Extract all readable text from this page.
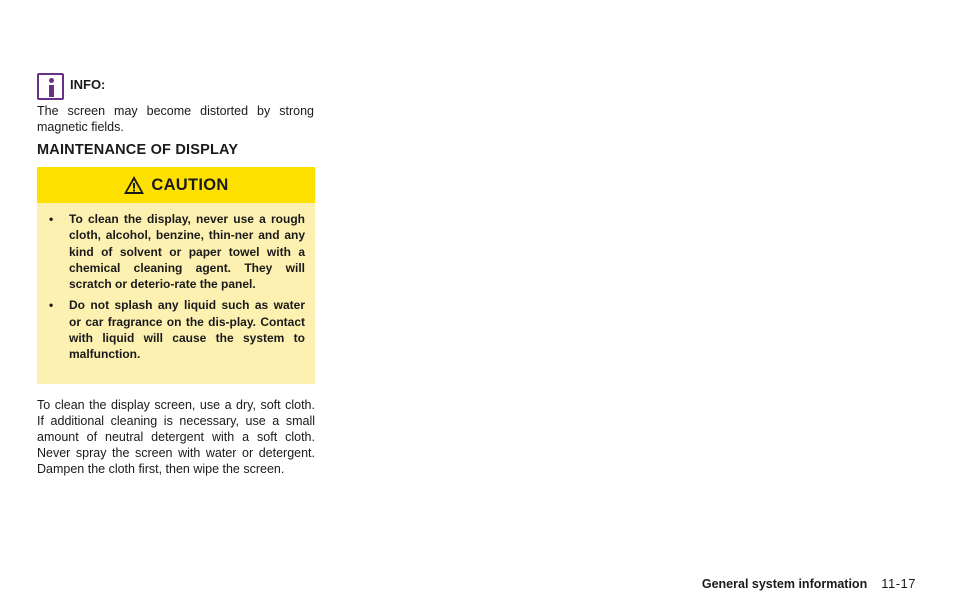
INFO:
The screen may become distorted by strong magnetic fields.
MAINTENANCE OF DISPLAY
CAUTION
•	To clean the display, never use a rough cloth, alcohol, benzine, thin-ner and any kind of solvent or paper towel with a chemical cleaning agent. They will scratch or deterio-rate the panel.
•	Do not splash any liquid such as water or car fragrance on the dis-play. Contact with liquid will cause the system to malfunction.
To clean the display screen, use a dry, soft cloth. If additional cleaning is necessary, use a small amount of neutral detergent with a soft cloth. Never spray the screen with water or detergent. Dampen the cloth first, then wipe the screen.
General system information 11-17
